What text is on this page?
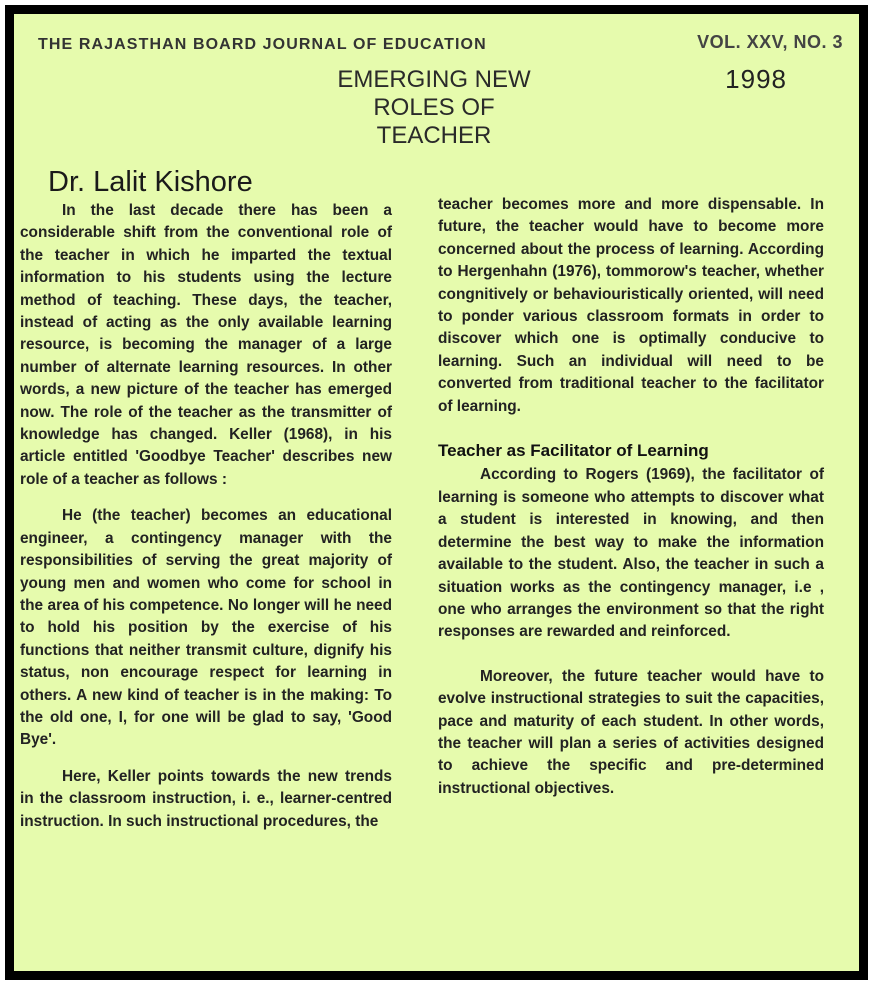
THE RAJASTHAN BOARD JOURNAL OF EDUCATION	VOL. XXV, NO. 3
1998
EMERGING NEW ROLES OF TEACHER
Dr. Lalit Kishore

In the last decade there has been a considerable shift from the conventional role of the teacher in which he imparted the textual information to his students using the lecture method of teaching. These days, the teacher, instead of acting as the only available learning resource, is becoming the manager of a large number of alternate learning resources. In other words, a new picture of the teacher has emerged now. The role of the teacher as the transmitter of knowledge has changed. Keller (1968), in his article entitled 'Goodbye Teacher' describes new role of a teacher as follows :

He (the teacher) becomes an educational engineer, a contingency manager with the responsibilities of serving the great majority of young men and women who come for school in the area of his competence. No longer will he need to hold his position by the exercise of his functions that neither transmit culture, dignify his status, non encourage respect for learning in others. A new kind of teacher is in the making: To the old one, I, for one will be glad to say, 'Good Bye'.

Here, Keller points towards the new trends in the classroom instruction, i. e., learner-centred instruction. In such instructional procedures, the

teacher becomes more and more dispensable. In future, the teacher would have to become more concerned about the process of learning. According to Hergenhahn (1976), tommorow's teacher, whether congnitively or behaviouristically oriented, will need to ponder various classroom formats in order to discover which one is optimally conducive to learning. Such an individual will need to be converted from traditional teacher to the facilitator of learning.

Teacher as Facilitator of Learning

According to Rogers (1969), the facilitator of learning is someone who attempts to discover what a student is interested in knowing, and then determine the best way to make the information available to the student. Also, the teacher in such a situation works as the contingency manager, i.e , one who arranges the environment so that the right responses are rewarded and reinforced.

Moreover, the future teacher would have to evolve instructional strategies to suit the capacities, pace and maturity of each student. In other words, the teacher will plan a series of activities designed to achieve the specific and pre-determined instructional objectives.
